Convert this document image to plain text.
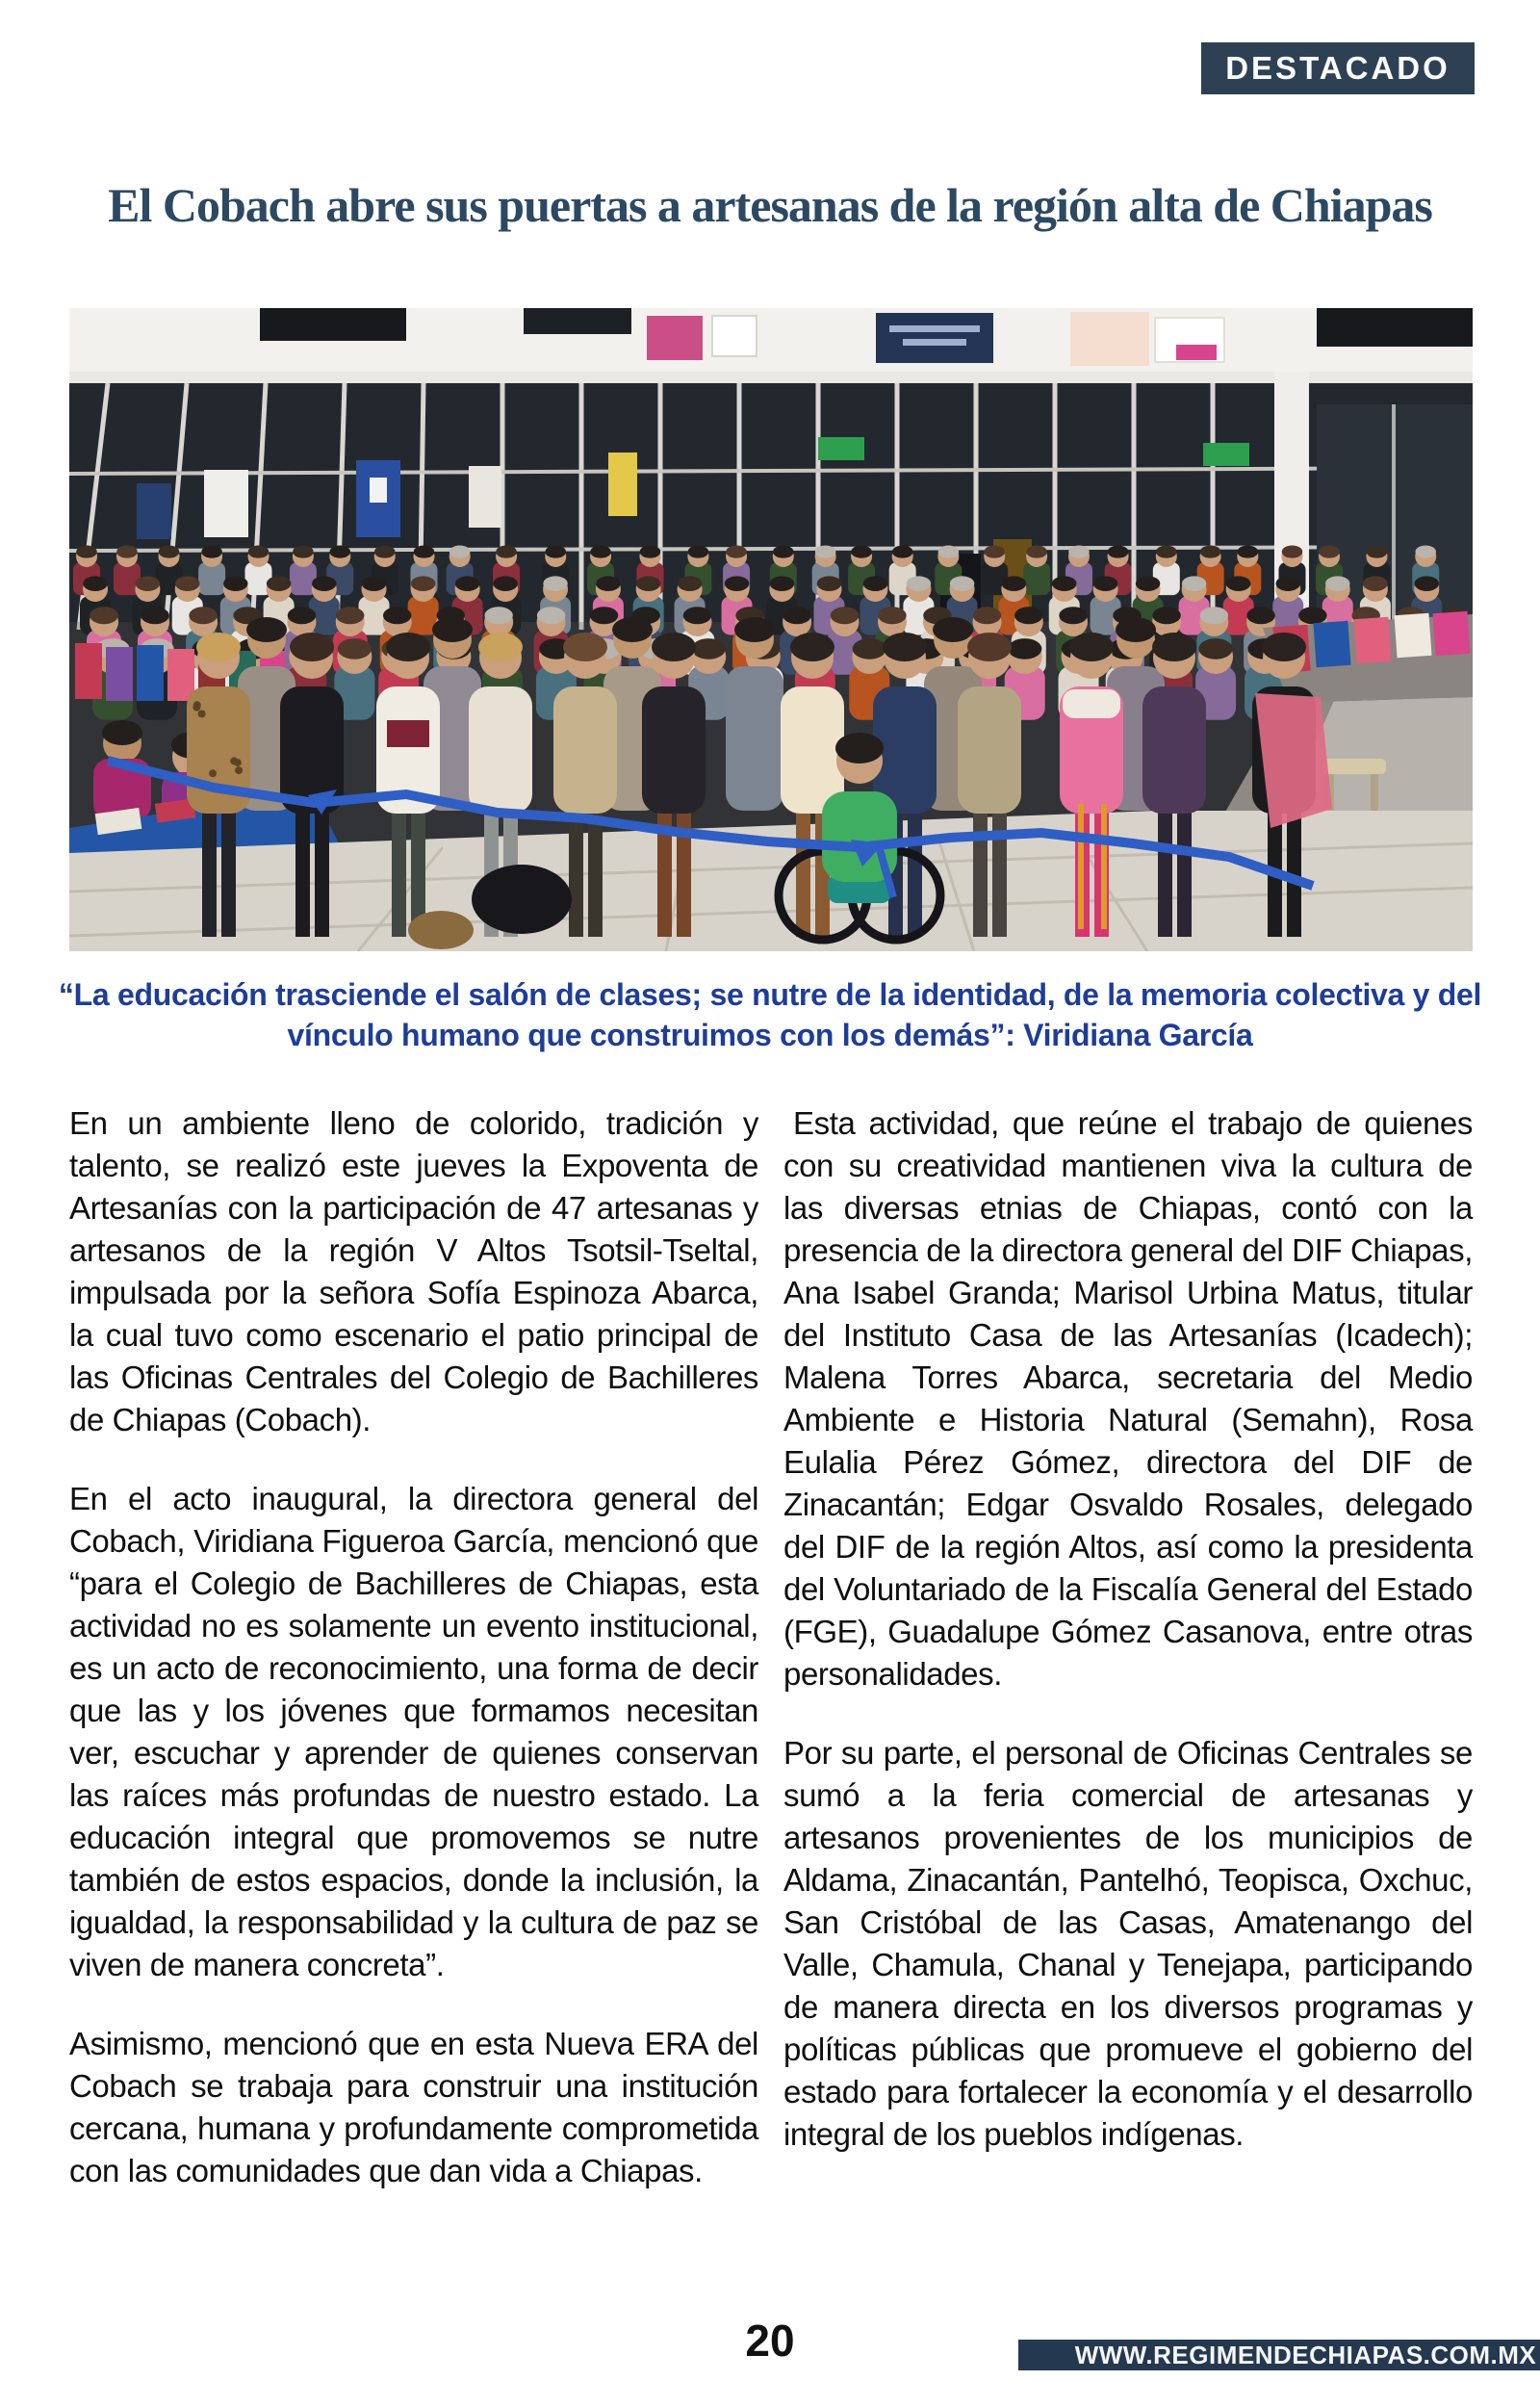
DESTACADO
El Cobach abre sus puertas a artesanas de la región alta de Chiapas
“La educación trasciende el salón de clases; se nutre de la identidad, de la memoria colectiva y del vínculo humano que construimos con los demás”: Viridiana García

En un ambiente lleno de colorido, tradición y talento, se realizó este jueves la Expoventa de Artesanías con la participación de 47 artesanas y artesanos de la región V Altos Tsotsil-Tseltal, impulsada por la señora Sofía Espinoza Abarca, la cual tuvo como escenario el patio principal de las Oficinas Centrales del Colegio de Bachilleres de Chiapas (Cobach).

En el acto inaugural, la directora general del Cobach, Viridiana Figueroa García, mencionó que “para el Colegio de Bachilleres de Chiapas, esta actividad no es solamente un evento institucional, es un acto de reconocimiento, una forma de decir que las y los jóvenes que formamos necesitan ver, escuchar y aprender de quienes conservan las raíces más profundas de nuestro estado. La educación integral que promovemos se nutre también de estos espacios, donde la inclusión, la igualdad, la responsabilidad y la cultura de paz se viven de manera concreta”.

Asimismo, mencionó que en esta Nueva ERA del Cobach se trabaja para construir una institución cercana, humana y profundamente comprometida con las comunidades que dan vida a Chiapas.

Esta actividad, que reúne el trabajo de quienes con su creatividad mantienen viva la cultura de las diversas etnias de Chiapas, contó con la presencia de la directora general del DIF Chiapas, Ana Isabel Granda; Marisol Urbina Matus, titular del Instituto Casa de las Artesanías (Icadech); Malena Torres Abarca, secretaria del Medio Ambiente e Historia Natural (Semahn), Rosa Eulalia Pérez Gómez, directora del DIF de Zinacantán; Edgar Osvaldo Rosales, delegado del DIF de la región Altos, así como la presidenta del Voluntariado de la Fiscalía General del Estado (FGE), Guadalupe Gómez Casanova, entre otras personalidades.

Por su parte, el personal de Oficinas Centrales se sumó a la feria comercial de artesanas y artesanos provenientes de los municipios de Aldama, Zinacantán, Pantelhó, Teopisca, Oxchuc, San Cristóbal de las Casas, Amatenango del Valle, Chamula, Chanal y Tenejapa, participando de manera directa en los diversos programas y políticas públicas que promueve el gobierno del estado para fortalecer la economía y el desarrollo integral de los pueblos indígenas.

20	WWW.REGIMENDECHIAPAS.COM.MX
